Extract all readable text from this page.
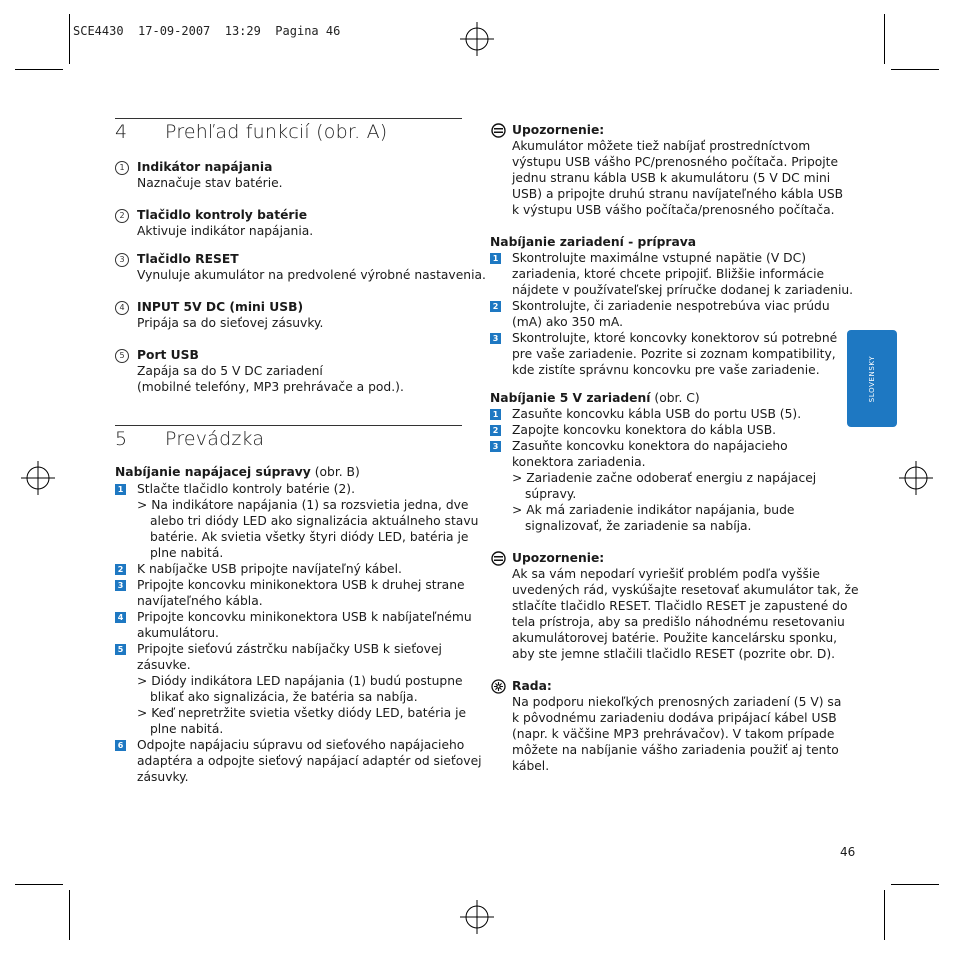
SCE4430  17-09-2007  13:29  Pagina 46
SLOVENSKY
46
4 Prehľad funkcií (obr. A)
1	Indikátor napájania
Naznačuje stav batérie.
2	Tlačidlo kontroly batérie
Aktivuje indikátor napájania.
3	Tlačidlo RESET
Vynuluje akumulátor na predvolené výrobné nastavenia.
4	INPUT 5V DC (mini USB)
Pripája sa do sieťovej zásuvky.
5	Port USB
Zapája sa do 5 V DC zariadení
(mobilné telefóny, MP3 prehrávače a pod.).
5 Prevádzka
Nabíjanie napájacej súpravy (obr. B)
1 Stlačte tlačidlo kontroly batérie (2).
> Na indikátore napájania (1) sa rozsvietia jedna, dve
alebo tri diódy LED ako signalizácia aktuálneho stavu
batérie. Ak svietia všetky štyri diódy LED, batéria je
plne nabitá.
2 K nabíjačke USB pripojte navíjateľný kábel.
3 Pripojte koncovku minikonektora USB k druhej strane
navíjateľného kábla.
4 Pripojte koncovku minikonektora USB k nabíjateľnému
akumulátoru.
5 Pripojte sieťovú zástrčku nabíjačky USB k sieťovej
zásuvke.
> Diódy indikátora LED napájania (1) budú postupne
blikať ako signalizácia, že batéria sa nabíja.
> Keď nepretržite svietia všetky diódy LED, batéria je
plne nabitá.
6 Odpojte napájaciu súpravu od sieťového napájacieho
adaptéra a odpojte sieťový napájací adaptér od sieťovej
zásuvky.
Upozornenie:
Akumulátor môžete tiež nabíjať prostredníctvom
výstupu USB vášho PC/prenosného počítača. Pripojte
jednu stranu kábla USB k akumulátoru (5 V DC mini
USB) a pripojte druhú stranu navíjateľného kábla USB
k výstupu USB vášho počítača/prenosného počítača.
Nabíjanie zariadení - príprava
1 Skontrolujte maximálne vstupné napätie (V DC)
zariadenia, ktoré chcete pripojiť. Bližšie informácie
nájdete v používateľskej príručke dodanej k zariadeniu.
2 Skontrolujte, či zariadenie nespotrebúva viac prúdu
(mA) ako 350 mA.
3 Skontrolujte, ktoré koncovky konektorov sú potrebné
pre vaše zariadenie. Pozrite si zoznam kompatibility,
kde zistíte správnu koncovku pre vaše zariadenie.
Nabíjanie 5 V zariadení (obr. C)
1 Zasuňte koncovku kábla USB do portu USB (5).
2 Zapojte koncovku konektora do kábla USB.
3 Zasuňte koncovku konektora do napájacieho
konektora zariadenia.
> Zariadenie začne odoberať energiu z napájacej
súpravy.
> Ak má zariadenie indikátor napájania, bude
signalizovať, že zariadenie sa nabíja.
Upozornenie:
Ak sa vám nepodarí vyriešiť problém podľa vyššie
uvedených rád, vyskúšajte resetovať akumulátor tak, že
stlačíte tlačidlo RESET. Tlačidlo RESET je zapustené do
tela prístroja, aby sa predišlo náhodnému resetovaniu
akumulátorovej batérie. Použite kancelársku sponku,
aby ste jemne stlačili tlačidlo RESET (pozrite obr. D).
Rada:
Na podporu niekoľkých prenosných zariadení (5 V) sa
k pôvodnému zariadeniu dodáva pripájací kábel USB
(napr. k väčšine MP3 prehrávačov). V takom prípade
môžete na nabíjanie vášho zariadenia použiť aj tento
kábel.
